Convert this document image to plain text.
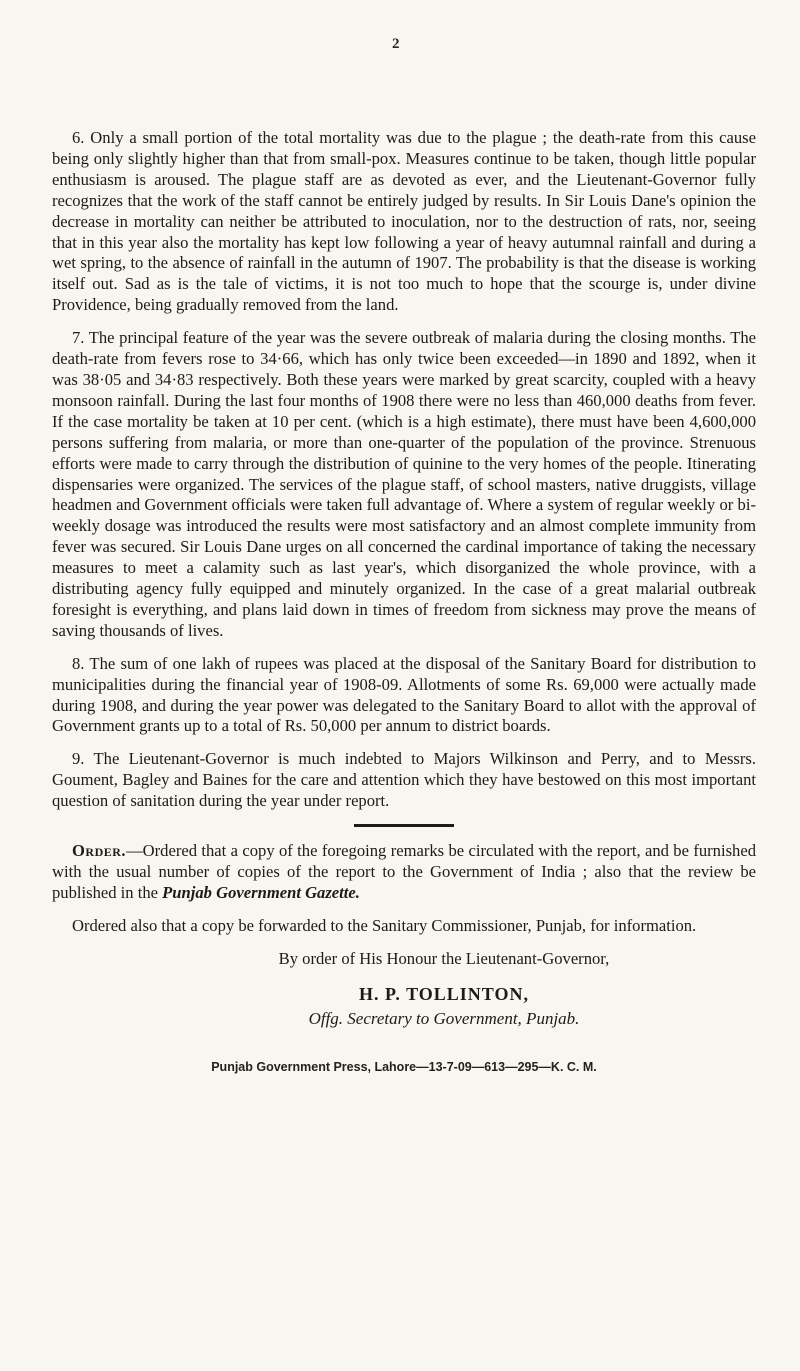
2

6. Only a small portion of the total mortality was due to the plague ; the death-rate from this cause being only slightly higher than that from small-pox. Measures continue to be taken, though little popular enthusiasm is aroused. The plague staff are as devoted as ever, and the Lieutenant-Governor fully recognizes that the work of the staff cannot be entirely judged by results. In Sir Louis Dane's opinion the decrease in mortality can neither be attributed to inoculation, nor to the destruction of rats, nor, seeing that in this year also the mortality has kept low following a year of heavy autumnal rainfall and during a wet spring, to the absence of rainfall in the autumn of 1907. The probability is that the disease is working itself out. Sad as is the tale of victims, it is not too much to hope that the scourge is, under divine Providence, being gradually removed from the land.

7. The principal feature of the year was the severe outbreak of malaria during the closing months. The death-rate from fevers rose to 34·66, which has only twice been exceeded—in 1890 and 1892, when it was 38·05 and 34·83 respectively. Both these years were marked by great scarcity, coupled with a heavy monsoon rainfall. During the last four months of 1908 there were no less than 460,000 deaths from fever. If the case mortality be taken at 10 per cent. (which is a high estimate), there must have been 4,600,000 persons suffering from malaria, or more than one-quarter of the population of the province. Strenuous efforts were made to carry through the distribution of quinine to the very homes of the people. Itinerating dispensaries were organized. The services of the plague staff, of school masters, native druggists, village headmen and Government officials were taken full advantage of. Where a system of regular weekly or bi-weekly dosage was introduced the results were most satisfactory and an almost complete immunity from fever was secured. Sir Louis Dane urges on all concerned the cardinal importance of taking the necessary measures to meet a calamity such as last year's, which disorganized the whole province, with a distributing agency fully equipped and minutely organized. In the case of a great malarial outbreak foresight is everything, and plans laid down in times of freedom from sickness may prove the means of saving thousands of lives.

8. The sum of one lakh of rupees was placed at the disposal of the Sanitary Board for distribution to municipalities during the financial year of 1908-09. Allotments of some Rs. 69,000 were actually made during 1908, and during the year power was delegated to the Sanitary Board to allot with the approval of Government grants up to a total of Rs. 50,000 per annum to district boards.

9. The Lieutenant-Governor is much indebted to Majors Wilkinson and Perry, and to Messrs. Goument, Bagley and Baines for the care and attention which they have bestowed on this most important question of sanitation during the year under report.

Order.—Ordered that a copy of the foregoing remarks be circulated with the report, and be furnished with the usual number of copies of the report to the Government of India ; also that the review be published in the Punjab Government Gazette.

Ordered also that a copy be forwarded to the Sanitary Commissioner, Punjab, for information.

By order of His Honour the Lieutenant-Governor,
H. P. TOLLINTON,
Offg. Secretary to Government, Punjab.
Punjab Government Press, Lahore—13-7-09—613—295—K. C. M.
